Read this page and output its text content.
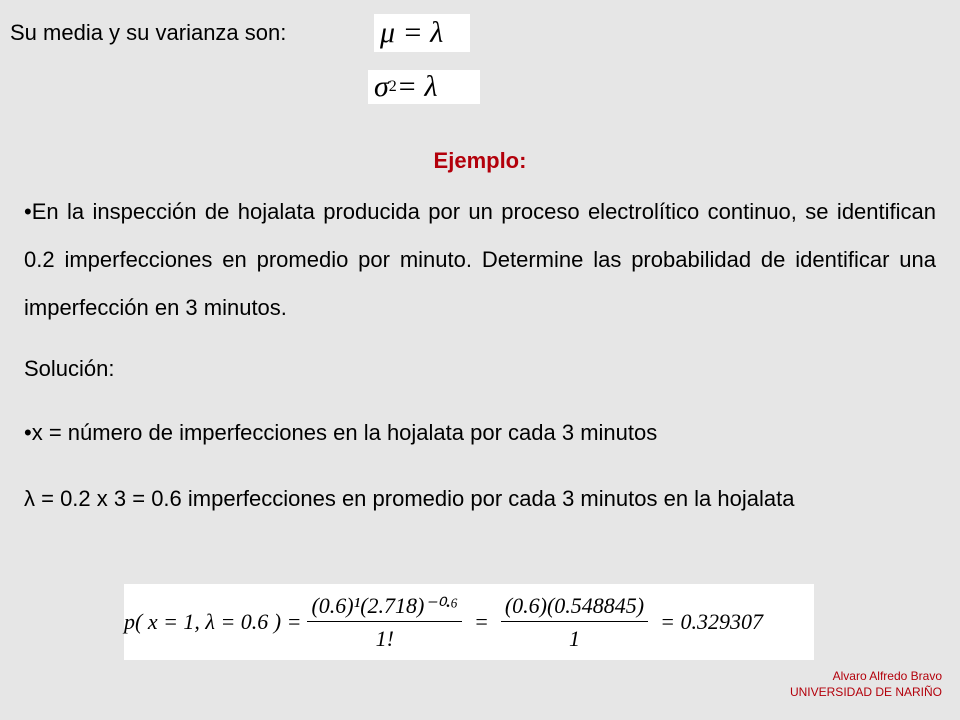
Su media y su varianza son:	μ = λ
σ 2 = λ
Ejemplo:
•En la inspección de hojalata producida por un proceso electrolítico continuo, se identifican 0.2 imperfecciones en promedio por minuto. Determine las probabilidad de identificar una imperfección en 3 minutos.
Solución:
•x = número de imperfecciones en la hojalata por cada 3 minutos
λ = 0.2 x 3 = 0.6 imperfecciones en promedio por cada 3 minutos en la hojalata
p( x = 1, λ = 0.6 ) = $\frac{\text{(0.6)¹(2.718)⁻⁰·⁶}}{1!} = \frac{(0.6)(0.548845)}{1} = 0.329307$
Alvaro Alfredo Bravo
UNIVERSIDAD DE NARIÑO
